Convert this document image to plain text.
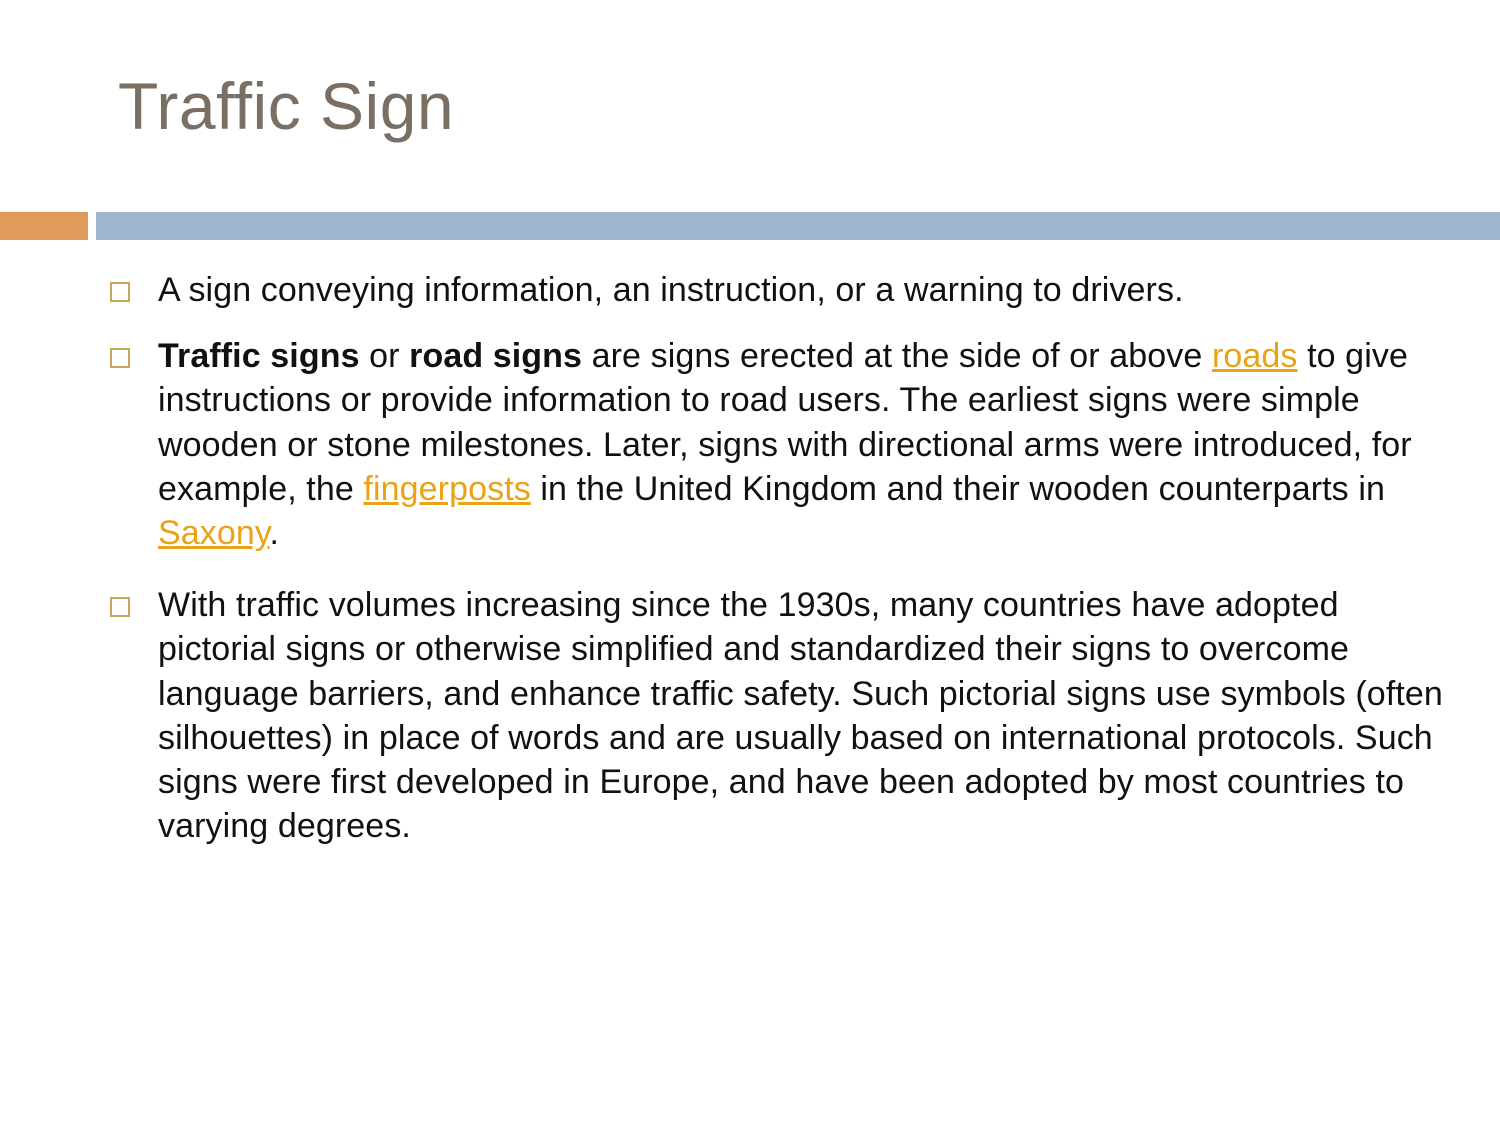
Traffic Sign
A sign conveying information, an instruction, or a warning to drivers.
Traffic signs or road signs are signs erected at the side of or above roads to give instructions or provide information to road users. The earliest signs were simple wooden or stone milestones. Later, signs with directional arms were introduced, for example, the fingerposts in the United Kingdom and their wooden counterparts in Saxony.
With traffic volumes increasing since the 1930s, many countries have adopted pictorial signs or otherwise simplified and standardized their signs to overcome language barriers, and enhance traffic safety. Such pictorial signs use symbols (often silhouettes) in place of words and are usually based on international protocols. Such signs were first developed in Europe, and have been adopted by most countries to varying degrees.
